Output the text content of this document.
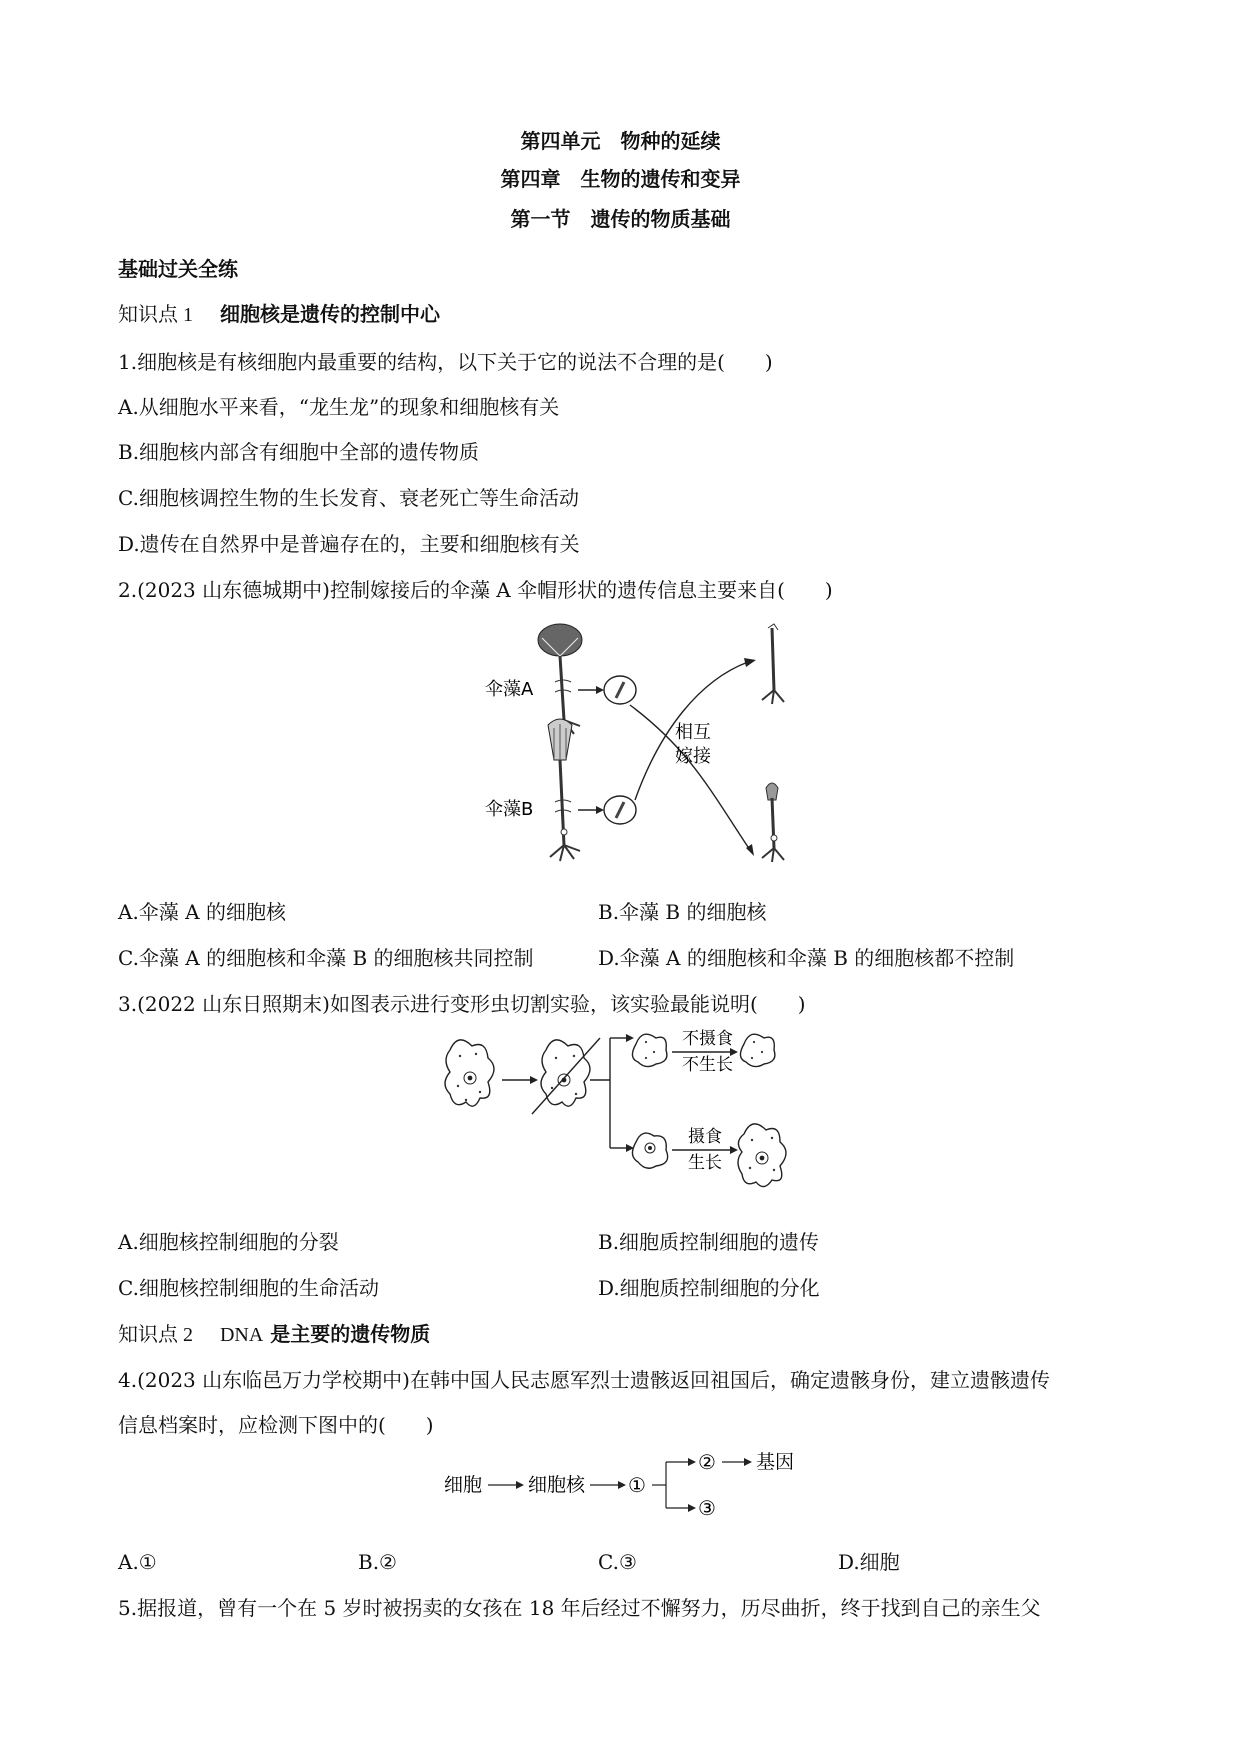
第四单元　物种的延续
第四章　生物的遗传和变异
第一节　遗传的物质基础
基础过关全练
知识点 1　 细胞核是遗传的控制中心
1.细胞核是有核细胞内最重要的结构，以下关于它的说法不合理的是(　　)
A.从细胞水平来看，“龙生龙”的现象和细胞核有关
B.细胞核内部含有细胞中全部的遗传物质
C.细胞核调控生物的生长发育、衰老死亡等生命活动
D.遗传在自然界中是普遍存在的，主要和细胞核有关
2.(2023 山东德城期中)控制嫁接后的伞藻 A 伞帽形状的遗传信息主要来自(　　)
伞藻A
伞藻B
相互
嫁接
A.伞藻 A 的细胞核	B.伞藻 B 的细胞核
C.伞藻 A 的细胞核和伞藻 B 的细胞核共同控制	D.伞藻 A 的细胞核和伞藻 B 的细胞核都不控制
3.(2022 山东日照期末)如图表示进行变形虫切割实验，该实验最能说明(　　)
不摄食
不生长
摄食
生长
A.细胞核控制细胞的分裂	B.细胞质控制细胞的遗传
C.细胞核控制细胞的生命活动	D.细胞质控制细胞的分化
知识点 2　 DNA 是主要的遗传物质
4.(2023 山东临邑万力学校期中)在韩中国人民志愿军烈士遗骸返回祖国后，确定遗骸身份，建立遗骸遗传
信息档案时，应检测下图中的(　　)
细胞 细胞核 ①
② 基因
③
A.①	B.②	C.③	D.细胞
5.据报道，曾有一个在 5 岁时被拐卖的女孩在 18 年后经过不懈努力，历尽曲折，终于找到自己的亲生父
